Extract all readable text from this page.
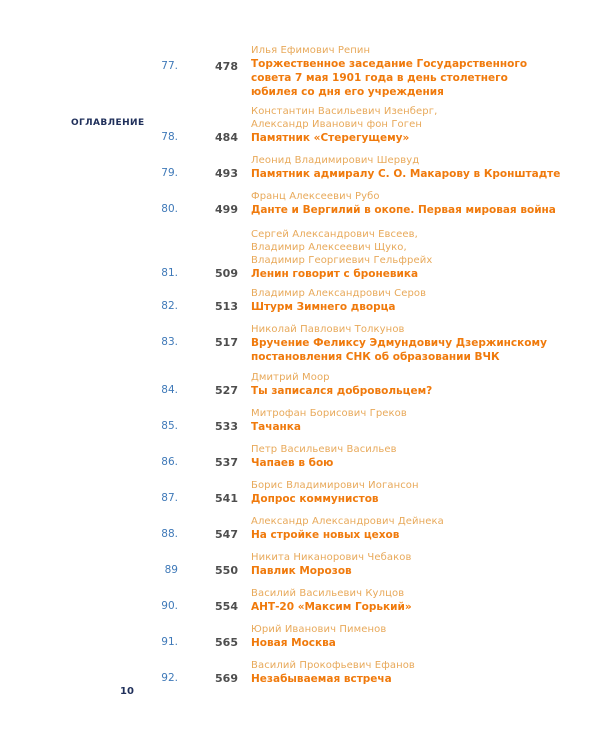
ОГЛАВЛЕНИЕ
77.	478
Илья Ефимович Репин
Торжественное заседание Государственного
совета 7 мая 1901 года в день столетнего
юбилея со дня его учреждения
78.	484
Константин Васильевич Изенберг,
Александр Иванович фон Гоген
Памятник «Стерегущему»
79.	493
Леонид Владимирович Шервуд
Памятник адмиралу С. О. Макарову в Кронштадте
80.	499
Франц Алексеевич Рубо
Данте и Вергилий в окопе. Первая мировая война
81.	509
Сергей Александрович Евсеев,
Владимир Алексеевич Щуко,
Владимир Георгиевич Гельфрейх
Ленин говорит с броневика
82.	513
Владимир Александрович Серов
Штурм Зимнего дворца
83.	517
Николай Павлович Толкунов
Вручение Феликсу Эдмундовичу Дзержинскому
постановления СНК об образовании ВЧК
84.	527
Дмитрий Моор
Ты записался добровольцем?
85.	533
Митрофан Борисович Греков
Тачанка
86.	537
Петр Васильевич Васильев
Чапаев в бою
87.	541
Борис Владимирович Иогансон
Допрос коммунистов
88.	547
Александр Александрович Дейнека
На стройке новых цехов
89	550
Никита Никанорович Чебаков
Павлик Морозов
90.	554
Василий Васильевич Кулцов
АНТ-20 «Максим Горький»
91.	565
Юрий Иванович Пименов
Новая Москва
92.	569
Василий Прокофьевич Ефанов
Незабываемая встреча
10
